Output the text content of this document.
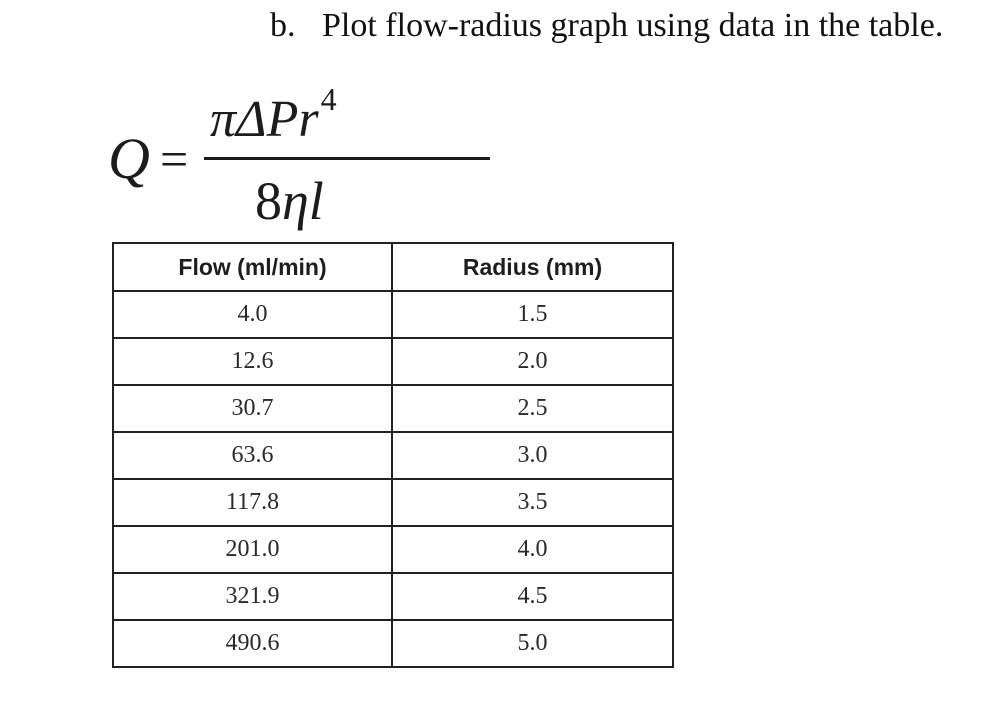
b. Plot flow-radius graph using data in the table.
Q =
πΔPr$^4$
8ηl
Flow (ml/min)	Radius (mm)
4.0	1.5
12.6	2.0
30.7	2.5
63.6	3.0
117.8	3.5
201.0	4.0
321.9	4.5
490.6	5.0
